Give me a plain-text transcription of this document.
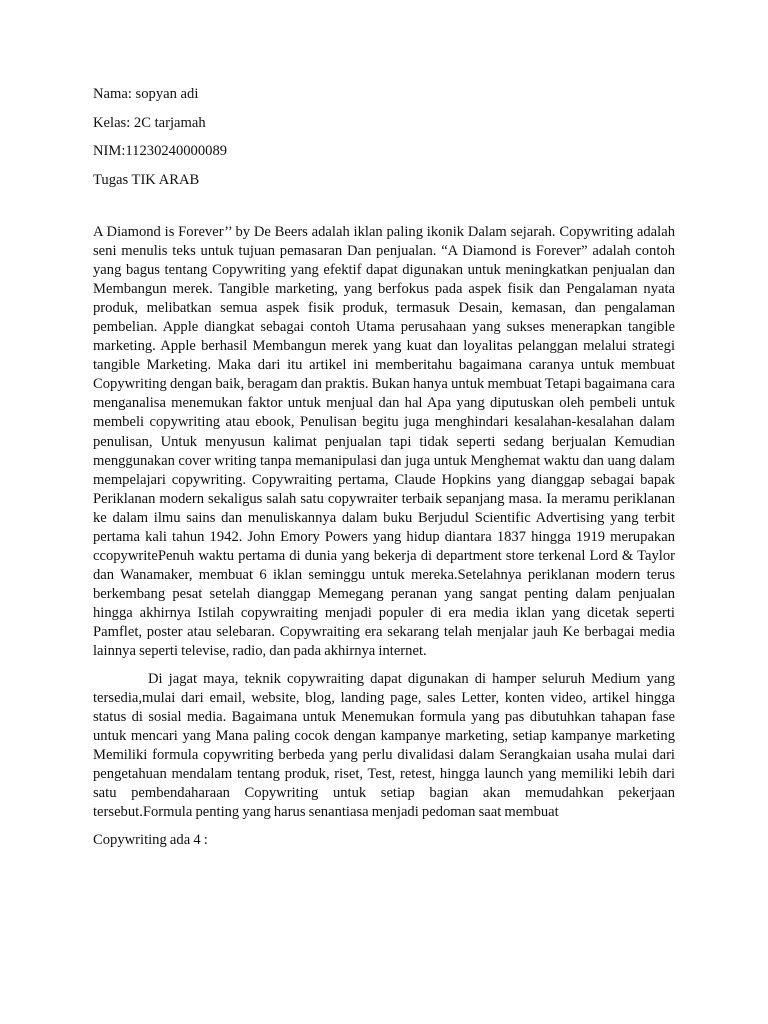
Nama: sopyan adi

Kelas: 2C tarjamah

NIM:11230240000089

Tugas TIK ARAB

A Diamond is Forever’’ by De Beers adalah iklan paling ikonik Dalam sejarah. Copywriting adalah seni menulis teks untuk tujuan pemasaran Dan penjualan. “A Diamond is Forever” adalah contoh yang bagus tentang Copywriting yang efektif dapat digunakan untuk meningkatkan penjualan dan Membangun merek. Tangible marketing, yang berfokus pada aspek fisik dan Pengalaman nyata produk, melibatkan semua aspek fisik produk, termasuk Desain, kemasan, dan pengalaman pembelian. Apple diangkat sebagai contoh Utama perusahaan yang sukses menerapkan tangible marketing. Apple berhasil Membangun merek yang kuat dan loyalitas pelanggan melalui strategi tangible Marketing. Maka dari itu artikel ini memberitahu bagaimana caranya untuk membuat Copywriting dengan baik, beragam dan praktis. Bukan hanya untuk membuat Tetapi bagaimana cara menganalisa menemukan faktor untuk menjual dan hal Apa yang diputuskan oleh pembeli untuk membeli copywriting atau ebook, Penulisan begitu juga menghindari kesalahan-kesalahan dalam penulisan, Untuk menyusun kalimat penjualan tapi tidak seperti sedang berjualan Kemudian menggunakan cover writing tanpa memanipulasi dan juga untuk Menghemat waktu dan uang dalam mempelajari copywriting. Copywraiting pertama, Claude Hopkins yang dianggap sebagai bapak Periklanan modern sekaligus salah satu copywraiter terbaik sepanjang masa. Ia meramu periklanan ke dalam ilmu sains dan menuliskannya dalam buku Berjudul Scientific Advertising yang terbit pertama kali tahun 1942. John Emory Powers yang hidup diantara 1837 hingga 1919 merupakan ccopywritePenuh waktu pertama di dunia yang bekerja di department store terkenal Lord & Taylor dan Wanamaker, membuat 6 iklan seminggu untuk mereka.Setelahnya periklanan modern terus berkembang pesat setelah dianggap Memegang peranan yang sangat penting dalam penjualan hingga akhirnya Istilah copywraiting menjadi populer di era media iklan yang dicetak seperti Pamflet, poster atau selebaran. Copywraiting era sekarang telah menjalar jauh Ke berbagai media lainnya seperti televise, radio, dan pada akhirnya internet.

Di jagat maya, teknik copywraiting dapat digunakan di hamper seluruh Medium yang tersedia,mulai dari email, website, blog, landing page, sales Letter, konten video, artikel hingga status di sosial media. Bagaimana untuk Menemukan formula yang pas dibutuhkan tahapan fase untuk mencari yang Mana paling cocok dengan kampanye marketing, setiap kampanye marketing Memiliki formula copywriting berbeda yang perlu divalidasi dalam Serangkaian usaha mulai dari pengetahuan mendalam tentang produk, riset, Test, retest, hingga launch yang memiliki lebih dari satu pembendaharaan Copywriting untuk setiap bagian akan memudahkan pekerjaan tersebut.Formula penting yang harus senantiasa menjadi pedoman saat membuat

Copywriting ada 4 :
